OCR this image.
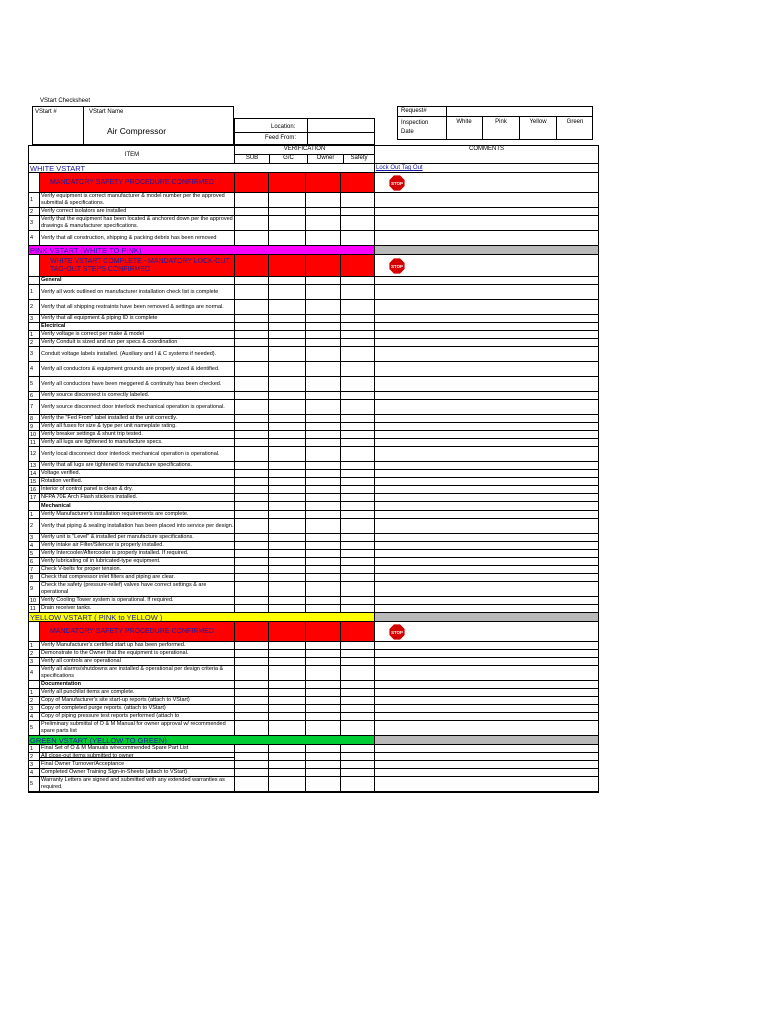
VStart Checksheet
VStart #	VStart Name
Air Compressor	Location:
Feed From:
Request#
Inspection
Date
White	Pink	Yellow	Green
ITEM
VERIFICATION
SUB	G/C	Owner	Safety
COMMENTS
WHITE VSTART	Lock Out Tag Out
MANDATORY SAFETY PROCEDURE CONFIRMED	STOP
1
Verify equipment is correct manufacturer & model number per the approved submittal & specifications.
2	Verify correct isolators are installed
3
Verify that the equipment has been located & anchored down per the approved drawings & manufacturer specifications.
4	Verify that all construction, shipping & packing debris has been removed
PINK VSTART (WHITE TO PINK)
WHITE VSTART COMPLETE - MANDATORY LOCK-OUT TAG-OUT STEPS CONFIRMED	STOP
General
1	Verify all work outlined on manufacturer installation check list is complete
2	Verify that all shipping restraints have been removed & settings are normal.
3	Verify that all equipment & piping ID is complete
Electrical
1	Verify voltage is correct per make & model
2	Verify Conduit is sized and run per specs & coordination
3	Conduit voltage labels installed. (Auxiliary and I & C systems if needed).
4	Verify all conductors & equipment grounds are properly sized & identified.
5	Verify all conductors have been meggered & continuity has been checked.
6	Verify source disconnect is correctly labeled.
7	Verify source disconnect door interlock mechanical operation is operational.
8	Verify the "Fed From" label installed at the unit correctly.
9	Verify all fuses for size & type per unit nameplate rating.
10 Verify breaker settings & shunt trip tested.
11 Verify all lugs are tightened to manufacture specs.
12 Verify local disconnect door interlock mechanical operation is operational.
13 Verify that all lugs are tightened to manufacture specifications.
14 Voltage verified.
15 Rotation verified.
16 Interior of control panel is clean & dry.
17 NFPA 70E Arch Flash stickers installed.
Mechanical
1	Verify Manufacturer's installation requirements are complete.
2	Verify that piping & sealing installation has been placed into service per design.
3	Verify unit is "Level" & installed per manufacture specifications.
4	Verify intake air Filter/Silencer is properly installed.
5	Verify Intercooler/Aftercooler is properly installed. If required.
6	Verify lubricating oil in lubricated-type equipment.
7	Check V-belts for proper tension.
8	Check that compressor inlet filters and piping are clear.
9
Check the safety (pressure-relief) valves have correct settings & are operational
10 Verify Cooling Tower system is operational. If required.
11 Drain receiver tanks.
YELLOW VSTART ( PINK to YELLOW )
MANDATORY SAFETY PROCEDURE CONFIRMED	STOP
1	Verify Manufacturer's certified start up has been performed.
2	Demonstrate to the Owner that the equipment is operational.
3	Verify all controls are operational
4
Verify all alarms/shutdowns are installed & operational per design criteria & specifications
Documentation
1	Verify all punchlist items are complete.
2	Copy of Manufacturer's site start-up reports (attach to VStart)
3	Copy of completed purge reports. (attach to VStart)
4	Copy of piping pressure test reports performed (attach to
5
Preliminary submittal of O & M Manual for owner approval w/ recommended spare parts list
GREEN VSTART (YELLOW TO GREEN)
1	Final Set of O & M Manuals w/recommended Spare Part List
2	All close-out items submitted to owner
3	Final Owner Turnover/Acceptance
4	Completed Owner Training Sign-in-Sheets (attach to VStart)
5
Warranty Letters are signed and submitted with any extended warranties as required.
